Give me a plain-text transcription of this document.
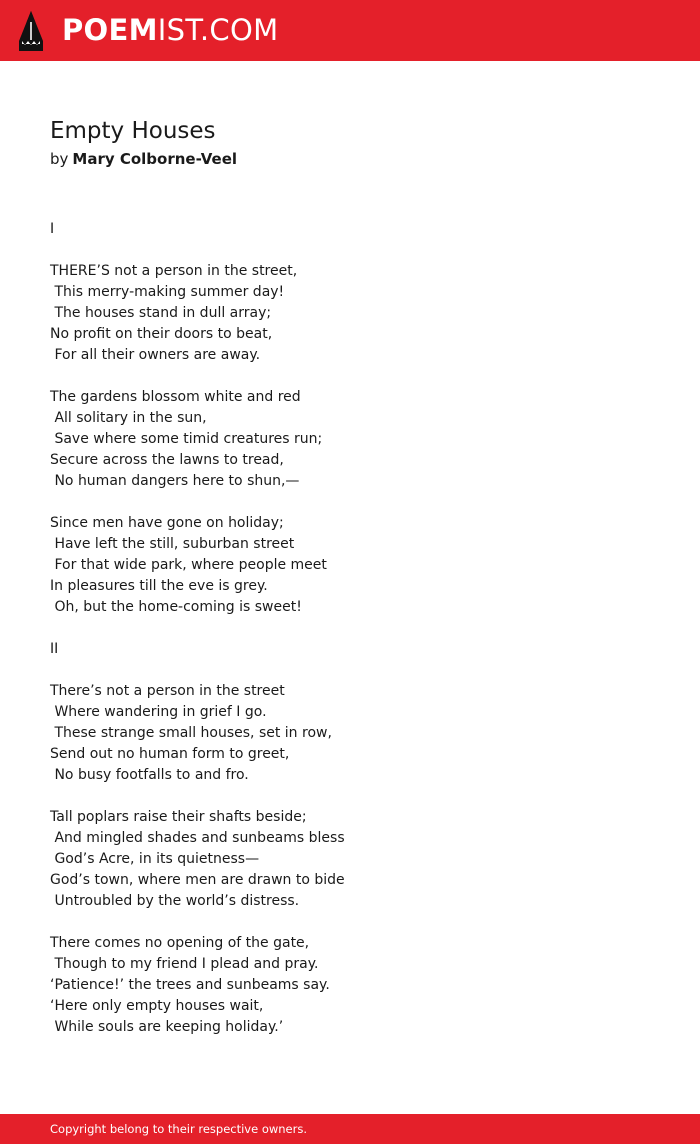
POEMIST.COM
Empty Houses
by Mary Colborne-Veel
I
THERE’S not a person in the street,
This merry-making summer day!
The houses stand in dull array;
No profit on their doors to beat,
For all their owners are away.
The gardens blossom white and red
All solitary in the sun,
Save where some timid creatures run;
Secure across the lawns to tread,
No human dangers here to shun,—
Since men have gone on holiday;
Have left the still, suburban street
For that wide park, where people meet
In pleasures till the eve is grey.
Oh, but the home-coming is sweet!
II
There’s not a person in the street
Where wandering in grief I go.
These strange small houses, set in row,
Send out no human form to greet,
No busy footfalls to and fro.
Tall poplars raise their shafts beside;
And mingled shades and sunbeams bless
God’s Acre, in its quietness—
God’s town, where men are drawn to bide
Untroubled by the world’s distress.
There comes no opening of the gate,
Though to my friend I plead and pray.
‘Patience!’ the trees and sunbeams say.
‘Here only empty houses wait,
While souls are keeping holiday.’
Copyright belong to their respective owners.
